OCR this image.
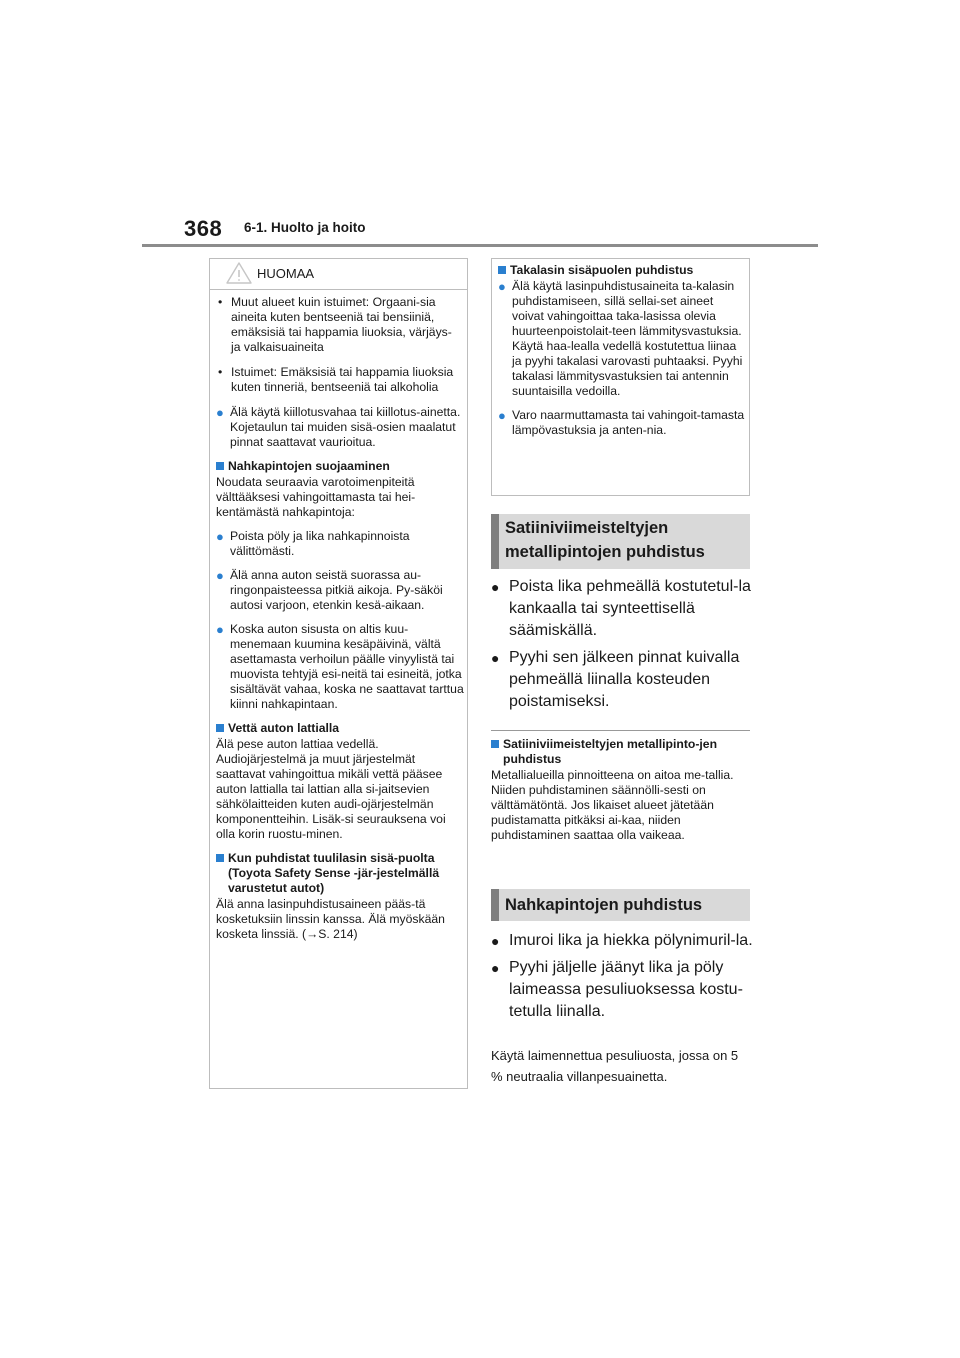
368 6-1. Huolto ja hoito
HUOMAA
• Muut alueet kuin istuimet: Orgaani-sia aineita kuten bentseeniä tai bensiiniä, emäksisiä tai happamia liuoksia, värjäys- ja valkaisuaineita
• Istuimet: Emäksisiä tai happamia liuoksia kuten tinneriä, bentseeniä tai alkoholia
● Älä käytä kiillotusvahaa tai kiillotus-ainetta. Kojetaulun tai muiden sisä-osien maalatut pinnat saattavat vaurioitua.
Nahkapintojen suojaaminen
Noudata seuraavia varotoimenpiteitä välttääksesi vahingoittamasta tai hei-kentämästä nahkapintoja:
● Poista pöly ja lika nahkapinnoista välittömästi.
● Älä anna auton seistä suorassa au-ringonpaisteessa pitkiä aikoja. Py-säköi autosi varjoon, etenkin kesä-aikaan.
● Koska auton sisusta on altis kuu-menemaan kuumina kesäpäivinä, vältä asettamasta verhoilun päälle vinyylistä tai muovista tehtyjä esi-neitä tai esineitä, jotka sisältävät vahaa, koska ne saattavat tarttua kiinni nahkapintaan.
Vettä auton lattialla
Älä pese auton lattiaa vedellä. Audiojärjestelmä ja muut järjestelmät saattavat vahingoittua mikäli vettä pääsee auton lattialla tai lattian alla si-jaitsevien sähkölaitteiden kuten audi-ojärjestelmän komponentteihin. Lisäk-si seurauksena voi olla korin ruostu-minen.
Kun puhdistat tuulilasin sisä-puolta (Toyota Safety Sense -jär-jestelmällä varustetut autot)
Älä anna lasinpuhdistusaineen pääs-tä kosketuksiin linssin kanssa. Älä myöskään kosketa linssiä. (→S. 214)
Takalasin sisäpuolen puhdistus
● Älä käytä lasinpuhdistusaineita ta-kalasin puhdistamiseen, sillä sellai-set aineet voivat vahingoittaa taka-lasissa olevia huurteenpoistolait-teen lämmitysvastuksia. Käytä haa-lealla vedellä kostutettua liinaa ja pyyhi takalasi varovasti puhtaaksi. Pyyhi takalasi lämmitysvastuksien tai antennin suuntaisilla vedoilla.
● Varo naarmuttamasta tai vahingoit-tamasta lämpövastuksia ja anten-nia.
Satiiniviimeisteltyjen
metallipintojen puhdistus
● Poista lika pehmeällä kostutetul-la kankaalla tai synteettisellä säämiskällä.
● Pyyhi sen jälkeen pinnat kuivalla pehmeällä liinalla kosteuden poistamiseksi.
Satiiniviimeisteltyjen metallipinto-jen puhdistus
Metallialueilla pinnoitteena on aitoa me-tallia. Niiden puhdistaminen säännölli-sesti on välttämätöntä. Jos likaiset alueet jätetään pudistamatta pitkäksi ai-kaa, niiden puhdistaminen saattaa olla vaikeaa.
Nahkapintojen puhdistus
● Imuroi lika ja hiekka pölynimuril-la.
● Pyyhi jäljelle jäänyt lika ja pöly laimeassa pesuliuoksessa kostu-tetulla liinalla.
Käytä laimennettua pesuliuosta, jossa on 5 % neutraalia villanpesuainetta.
